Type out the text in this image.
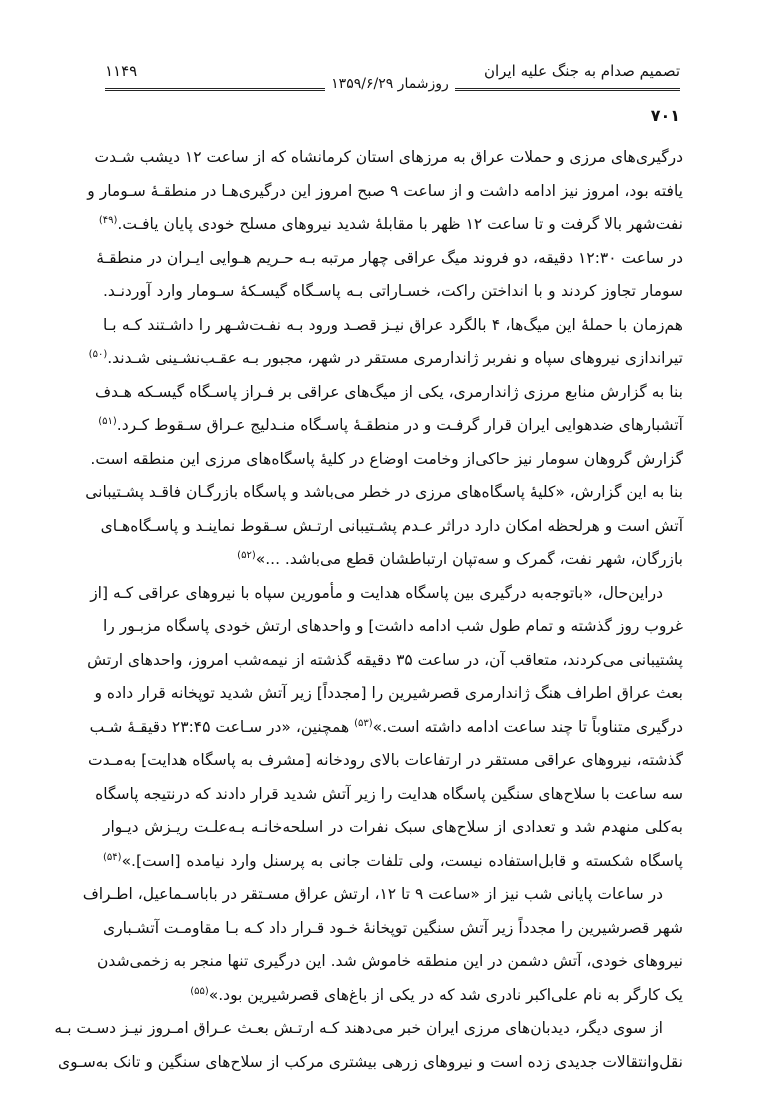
تصمیم صدام به جنگ علیه ایران
۱۱۴۹
روزشمار ۱۳۵۹/۶/۲۹
۷۰۱
درگیری‌های مرزی و حملات عراق به مرزهای استان کرمانشاه که از ساعت ۱۲ دیشب شـدت
یافته بود، امروز نیز ادامه داشت و از ساعت ۹ صبح امروز این درگیری‌هـا در منطقـهٔ سـومار و
نفت‌شهر بالا گرفت و تا ساعت ۱۲ ظهر با مقابلهٔ شدید نیروهای مسلح خودی پایان یافـت.$^{(۴۹)}$
در ساعت ۱۲:۳۰ دقیقه، دو فروند میگ عراقی چهار مرتبه بـه حـریم هـوایی ایـران در منطقـهٔ
سومار تجاوز کردند و با انداختن راکت، خسـاراتی بـه پاسـگاه گیسـکهٔ سـومار وارد آوردنـد.
هم‌زمان با حملهٔ این میگ‌ها، ۴ بالگرد عراق نیـز قصـد ورود بـه نفـت‌شـهر را داشـتند کـه بـا
تیراندازی نیروهای سپاه و نفربر ژاندارمری مستقر در شهر، مجبور بـه عقـب‌نشـینی شـدند.$^{(۵۰)}$
بنا به گزارش منابع مرزی ژاندارمری، یکی از میگ‌های عراقی بر فـراز پاسـگاه گیسـکه هـدف
آتشبارهای ضدهوایی ایران قرار گرفـت و در منطقـهٔ پاسـگاه منـدلیج عـراق سـقوط کـرد.$^{(۵۱)}$
گزارش گروهان سومار نیز حاکی‌از وخامت اوضاع در کلیهٔ پاسگاه‌های مرزی این منطقه است.
بنا به این گزارش، «کلیهٔ پاسگاه‌های مرزی در خطر می‌باشد و پاسگاه بازرگـان فاقـد پشـتیبانی
آتش است و هرلحظه امکان دارد دراثر عـدم پشـتیبانی ارتـش سـقوط نماینـد و پاسـگاه‌هـای
بازرگان، شهر نفت، گمرک و سه‌تپان ارتباطشان قطع می‌باشد. ...»$^{(۵۲)}$
دراین‌حال، «باتوجه‌به درگیری بین پاسگاه هدایت و مأمورین سپاه با نیروهای عراقی کـه [از
غروب روز گذشته و تمام طول شب ادامه داشت] و واحدهای ارتش خودی پاسگاه مزبـور را
پشتیبانی می‌کردند، متعاقب آن، در ساعت ۳۵ دقیقه گذشته از نیمه‌شب امروز، واحدهای ارتش
بعث عراق اطراف هنگ ژاندارمری قصرشیرین را [مجدداً] زیر آتش شدید توپخانه قرار داده و
درگیری متناوباً تا چند ساعت ادامه داشته است.»$^{(۵۳)}$ همچنین، «در سـاعت ۲۳:۴۵ دقیقـهٔ شـب
گذشته، نیروهای عراقی مستقر در ارتفاعات بالای رودخانه [مشرف به پاسگاه هدایت] به‌مـدت
سه ساعت با سلاح‌های سنگین پاسگاه هدایت را زیر آتش شدید قرار دادند که درنتیجه پاسگاه
به‌کلی منهدم شد و تعدادی از سلاح‌های سبک نفرات در اسلحه‌خانـه بـه‌علـت ریـزش دیـوار
پاسگاه شکسته و قابل‌استفاده نیست، ولی تلفات جانی به پرسنل وارد نیامده [است].»$^{(۵۴)}$
در ساعات پایانی شب نیز از «ساعت ۹ تا ۱۲، ارتش عراق مسـتقر در باباسـماعیل، اطـراف
شهر قصرشیرین را مجدداً زیر آتش سنگین توپخانهٔ خـود قـرار داد کـه بـا مقاومـت آتشـباری
نیروهای خودی، آتش دشمن در این منطقه خاموش شد. این درگیری تنها منجر به زخمی‌شدن
یک کارگر به نام علی‌اکبر نادری شد که در یکی از باغ‌های قصرشیرین بود.»$^{(۵۵)}$
از سوی دیگر، دیدبان‌های مرزی ایران خبر می‌دهند کـه ارتـش بعـث عـراق امـروز نیـز دسـت بـه
نقل‌وانتقالات جدیدی زده است و نیروهای زرهی بیشتری مرکب از سلاح‌های سنگین و تانک به‌سـوی
